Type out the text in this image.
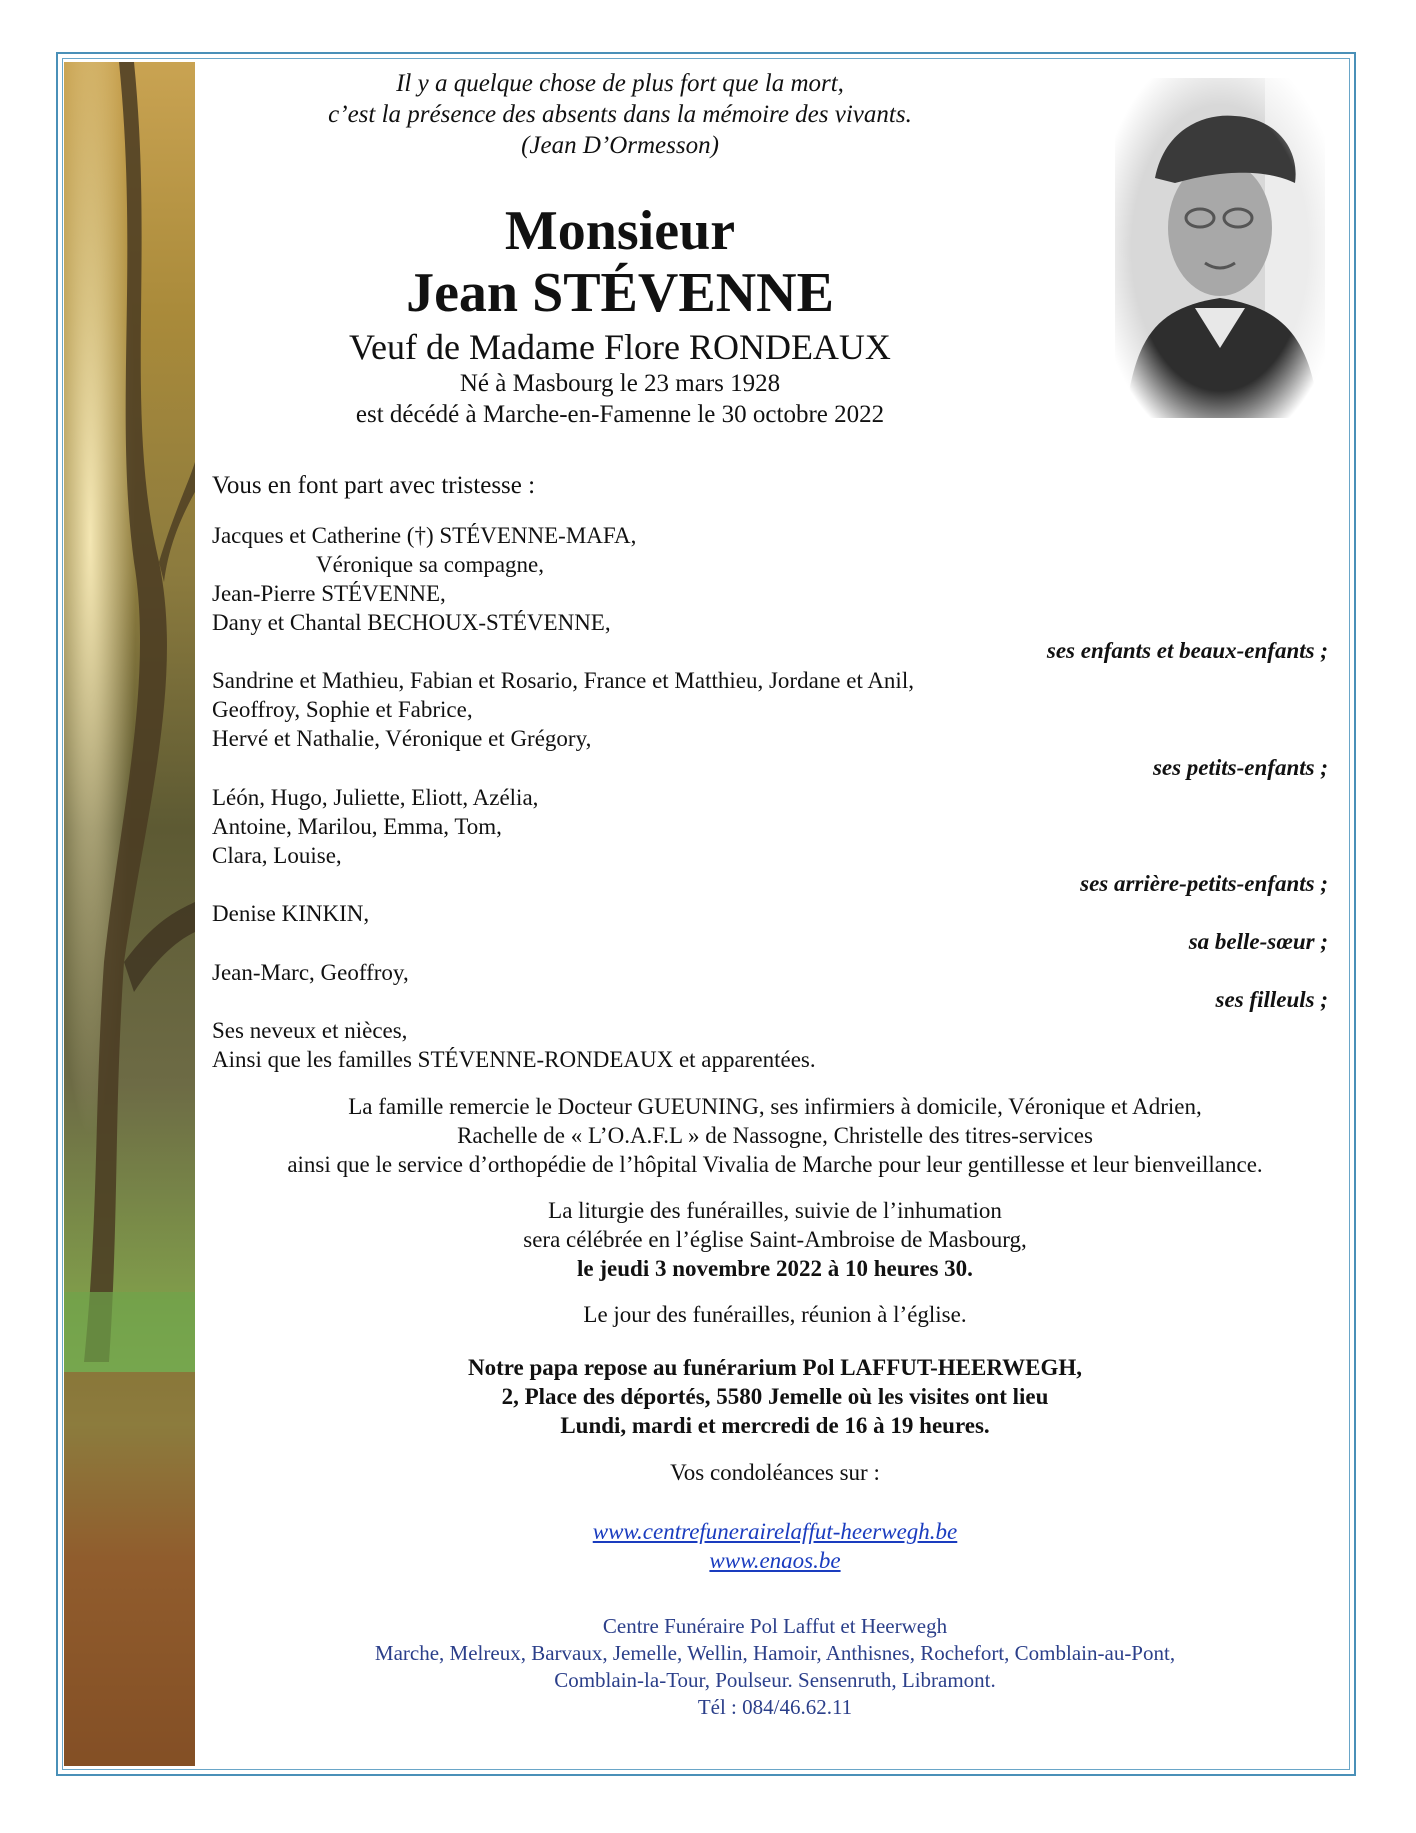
Il y a quelque chose de plus fort que la mort,
c’est la présence des absents dans la mémoire des vivants.
(Jean D’Ormesson)
Monsieur
Jean STÉVENNE
Veuf de Madame Flore RONDEAUX
Né à Masbourg le 23 mars 1928
est décédé à Marche-en-Famenne le 30 octobre 2022
Vous en font part avec tristesse :
Jacques et Catherine (†) STÉVENNE-MAFA,
Véronique sa compagne,
Jean-Pierre STÉVENNE,
Dany et Chantal BECHOUX-STÉVENNE,
ses enfants et beaux-enfants ;
Sandrine et Mathieu, Fabian et Rosario, France et Matthieu, Jordane et Anil,
Geoffroy, Sophie et Fabrice,
Hervé et Nathalie, Véronique et Grégory,
ses petits-enfants ;
Léón, Hugo, Juliette, Eliott, Azélia,
Antoine, Marilou, Emma, Tom,
Clara, Louise,
ses arrière-petits-enfants ;
Denise KINKIN,
sa belle-sœur ;
Jean-Marc, Geoffroy,
ses filleuls ;
Ses neveux et nièces,
Ainsi que les familles STÉVENNE-RONDEAUX et apparentées.
La famille remercie le Docteur GUEUNING, ses infirmiers à domicile, Véronique et Adrien,
Rachelle de « L’O.A.F.L » de Nassogne, Christelle des titres-services
ainsi que le service d’orthopédie de l’hôpital Vivalia de Marche pour leur gentillesse et leur bienveillance.
La liturgie des funérailles, suivie de l’inhumation
sera célébrée en l’église Saint-Ambroise de Masbourg,
le jeudi 3 novembre 2022 à 10 heures 30.
Le jour des funérailles, réunion à l’église.
Notre papa repose au funérarium Pol LAFFUT-HEERWEGH,
2, Place des déportés, 5580 Jemelle où les visites ont lieu
Lundi, mardi et mercredi de 16 à 19 heures.
Vos condoléances sur :
www.centrefunerairelaffut-heerwegh.be
www.enaos.be
Centre Funéraire Pol Laffut et Heerwegh
Marche, Melreux, Barvaux, Jemelle, Wellin, Hamoir, Anthisnes, Rochefort, Comblain-au-Pont,
Comblain-la-Tour, Poulseur. Sensenruth, Libramont.
Tél : 084/46.62.11
